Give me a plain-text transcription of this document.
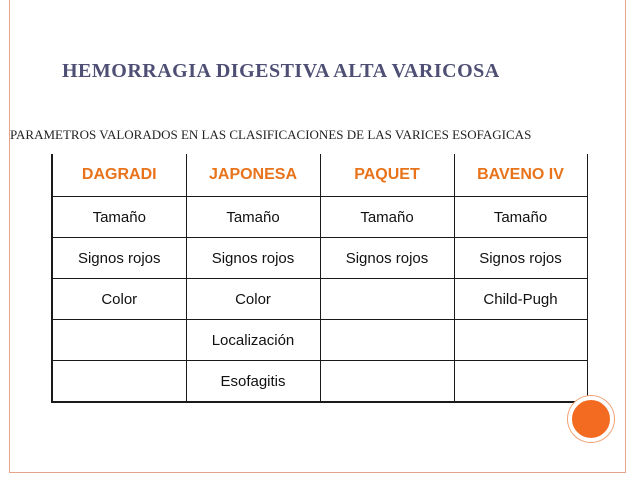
HEMORRAGIA DIGESTIVA ALTA VARICOSA
PARAMETROS VALORADOS EN LAS CLASIFICACIONES DE LAS VARICES ESOFAGICAS
DAGRADI	JAPONESA	PAQUET	BAVENO IV
Tamaño	Tamaño	Tamaño	Tamaño
Signos rojos	Signos rojos	Signos rojos	Signos rojos
Color	Color		Child-Pugh
	Localización		
	Esofagitis		
